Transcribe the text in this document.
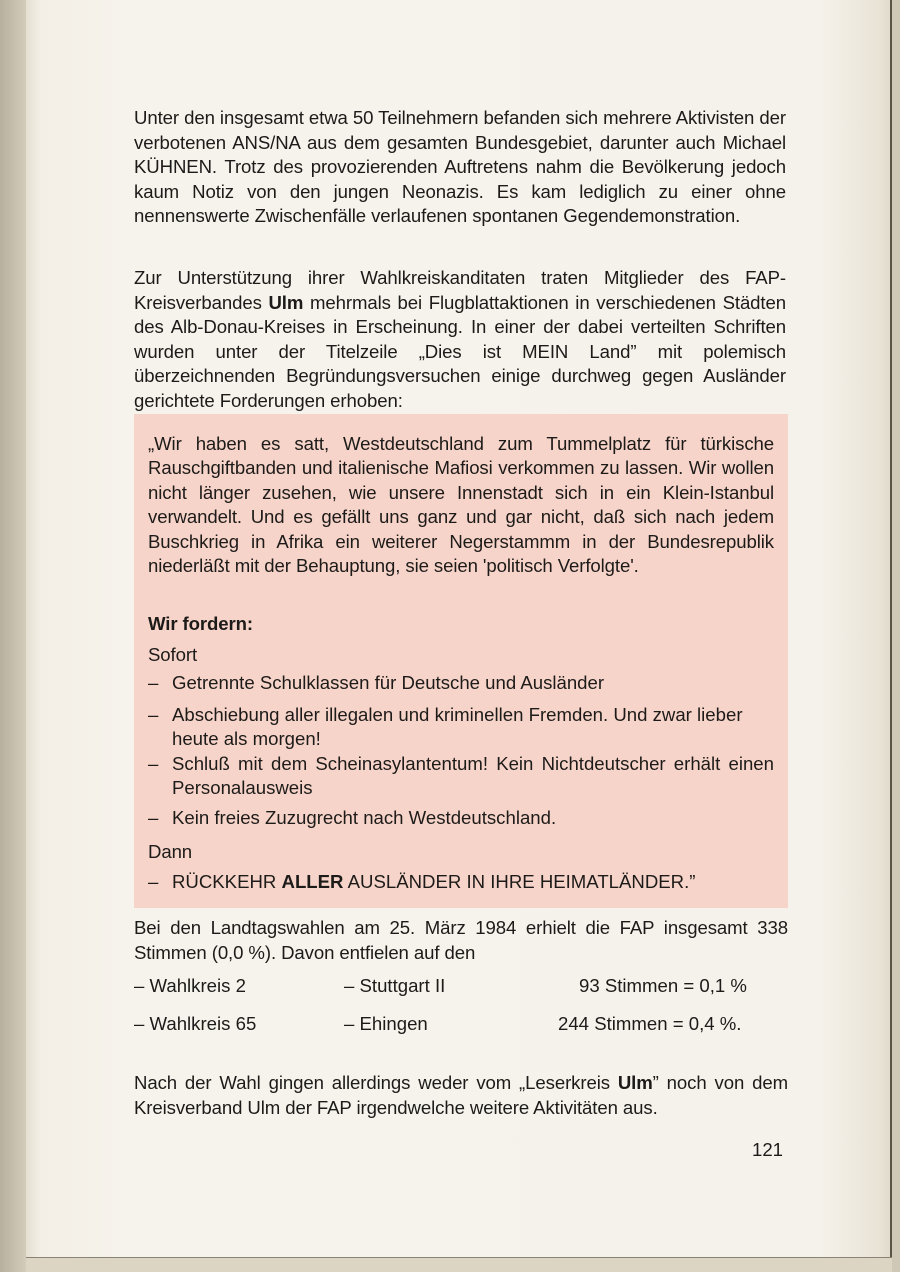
Unter den insgesamt etwa 50 Teilnehmern befanden sich mehrere Aktivisten der verbotenen ANS/NA aus dem gesamten Bundesgebiet, darunter auch Michael KÜHNEN. Trotz des provozierenden Auftretens nahm die Bevölkerung jedoch kaum Notiz von den jungen Neonazis. Es kam lediglich zu einer ohne nennenswerte Zwischenfälle verlaufenen spontanen Gegendemonstration.
Zur Unterstützung ihrer Wahlkreiskanditaten traten Mitglieder des FAP-Kreisverbandes Ulm mehrmals bei Flugblattaktionen in verschiedenen Städten des Alb-Donau-Kreises in Erscheinung. In einer der dabei verteilten Schriften wurden unter der Titelzeile „Dies ist MEIN Land” mit polemisch überzeichnenden Begründungsversuchen einige durchweg gegen Ausländer gerichtete Forderungen erhoben:
„Wir haben es satt, Westdeutschland zum Tummelplatz für türkische Rauschgiftbanden und italienische Mafiosi verkommen zu lassen. Wir wollen nicht länger zusehen, wie unsere Innenstadt sich in ein Klein-Istanbul verwandelt. Und es gefällt uns ganz und gar nicht, daß sich nach jedem Buschkrieg in Afrika ein weiterer Negerstammm in der Bundesrepublik niederläßt mit der Behauptung, sie seien 'politisch Verfolgte'.
Wir fordern:
Sofort
– Getrennte Schulklassen für Deutsche und Ausländer
– Abschiebung aller illegalen und kriminellen Fremden. Und zwar lieber heute als morgen!
– Schluß mit dem Scheinasylantentum! Kein Nichtdeutscher erhält einen Personalausweis
– Kein freies Zuzugrecht nach Westdeutschland.
Dann
– RÜCKKEHR ALLER AUSLÄNDER IN IHRE HEIMATLÄNDER.”
Bei den Landtagswahlen am 25. März 1984 erhielt die FAP insgesamt 338 Stimmen (0,0 %). Davon entfielen auf den
– Wahlkreis 2	– Stuttgart II	93 Stimmen = 0,1 %
– Wahlkreis 65	– Ehingen	244 Stimmen = 0,4 %.
Nach der Wahl gingen allerdings weder vom „Leserkreis Ulm” noch von dem Kreisverband Ulm der FAP irgendwelche weitere Aktivitäten aus.
121
